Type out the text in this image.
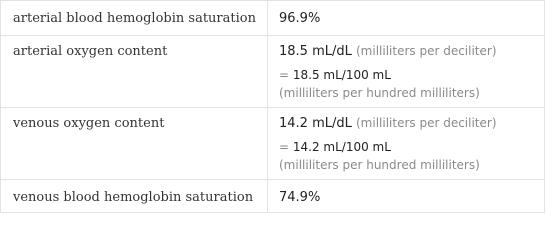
arterial blood hemoglobin saturation 96.9%
arterial oxygen content	18.5 mL/dL (milliliters per deciliter)
= 18.5 mL/100 mL
(milliliters per hundred milliliters)
venous oxygen content	14.2 mL/dL (milliliters per deciliter)
= 14.2 mL/100 mL
(milliliters per hundred milliliters)
venous blood hemoglobin saturation 74.9%
